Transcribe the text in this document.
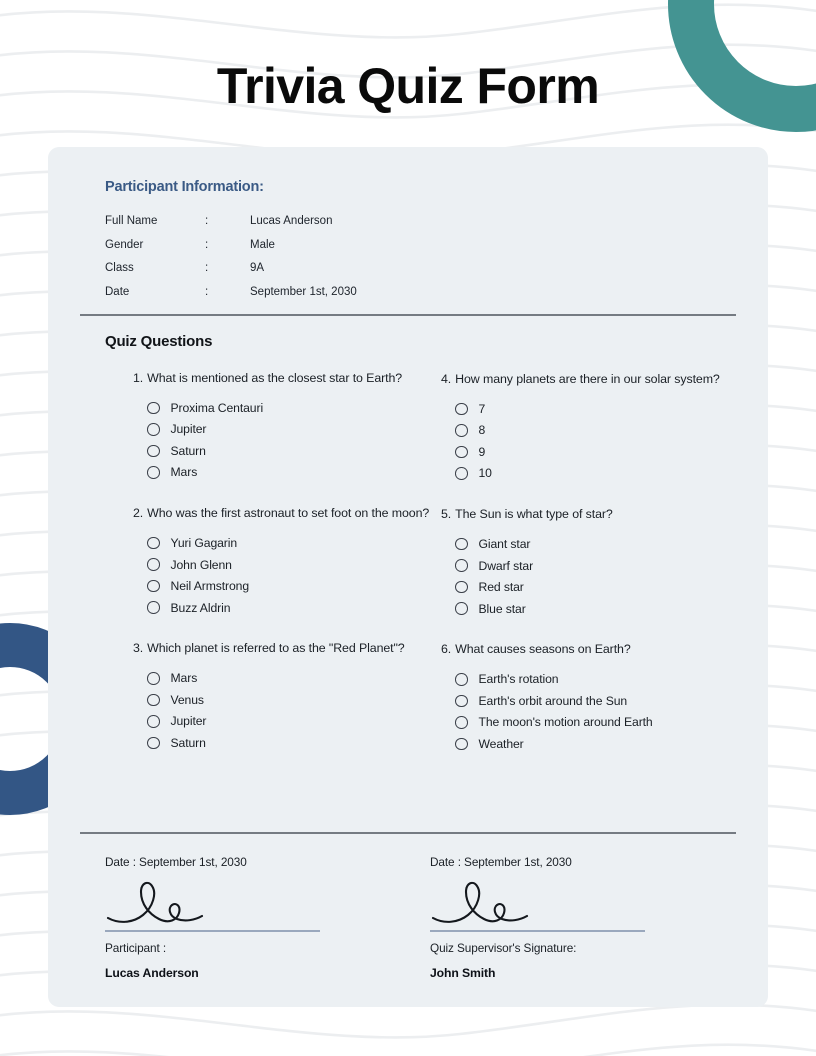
Trivia Quiz Form
Participant Information:
Full Name	:	Lucas Anderson
Gender	:	Male
Class	:	9A
Date	:	September 1st, 2030
Quiz Questions
1. What is mentioned as the closest star to Earth?
Proxima Centauri
Jupiter
Saturn
Mars
2. Who was the first astronaut to set foot on the moon?
Yuri Gagarin
John Glenn
Neil Armstrong
Buzz Aldrin
3. Which planet is referred to as the "Red Planet"?
Mars
Venus
Jupiter
Saturn
4. How many planets are there in our solar system?
7
8
9
10
5. The Sun is what type of star?
Giant star
Dwarf star
Red star
Blue star
6. What causes seasons on Earth?
Earth's rotation
Earth's orbit around the Sun
The moon's motion around Earth
Weather
Date : September 1st, 2030
Participant :
Lucas Anderson
Date : September 1st, 2030
Quiz Supervisor's Signature:
John Smith
